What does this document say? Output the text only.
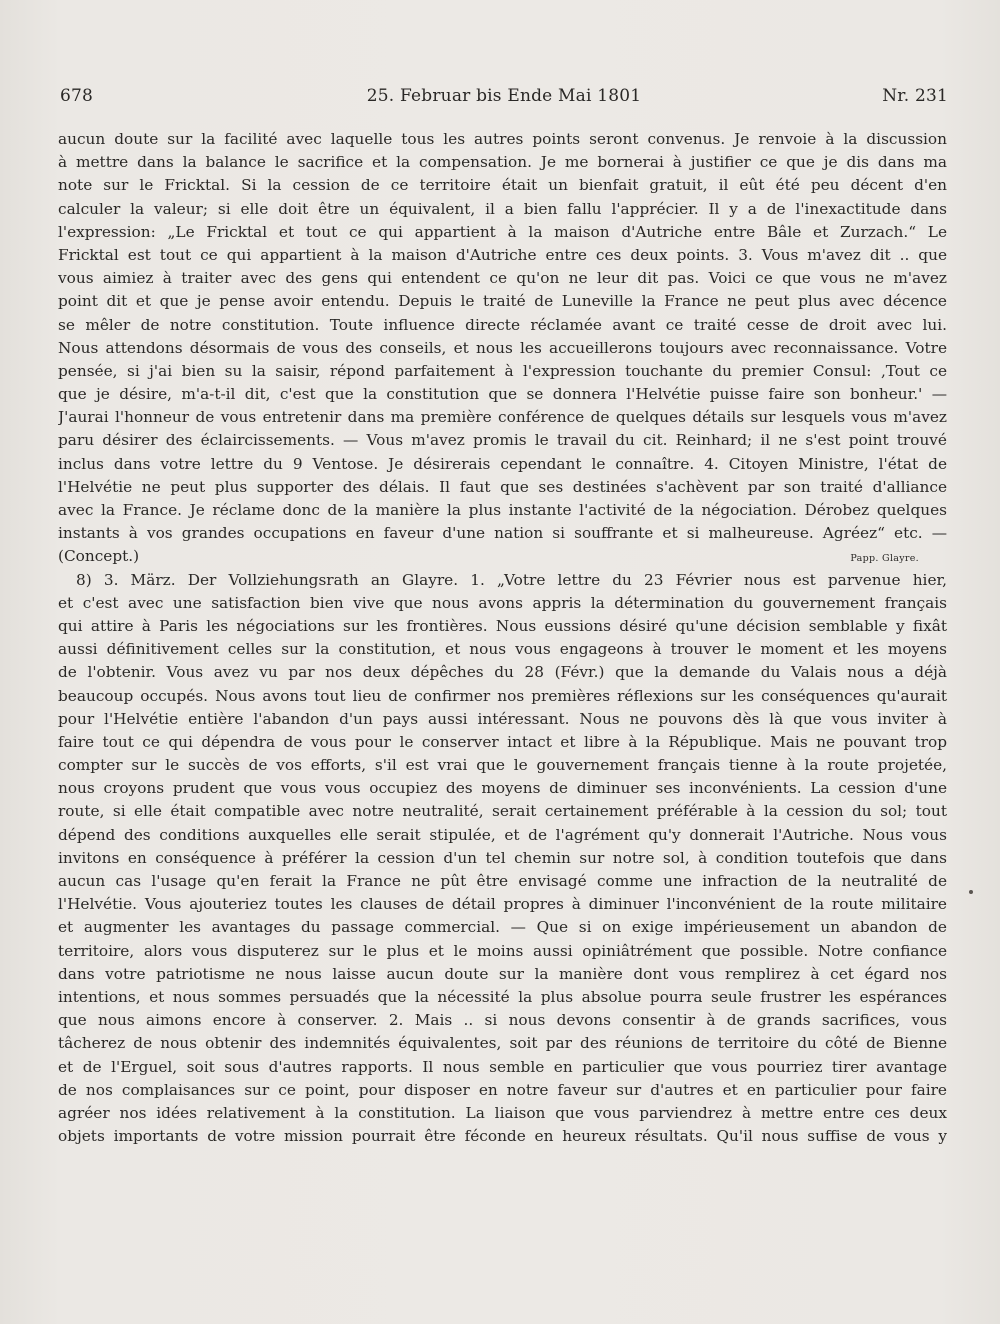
678	25. Februar bis Ende Mai 1801	Nr. 231
aucun doute sur la facilité avec laquelle tous les autres points seront convenus. Je renvoie à la discussion
à mettre dans la balance le sacrifice et la compensation. Je me bornerai à justifier ce que je dis dans ma
note sur le Fricktal. Si la cession de ce territoire était un bienfait gratuit, il eût été peu décent d'en
calculer la valeur; si elle doit être un équivalent, il a bien fallu l'apprécier. Il y a de l'inexactitude dans
l'expression: „Le Fricktal et tout ce qui appartient à la maison d'Autriche entre Bâle et Zurzach.“ Le
Fricktal est tout ce qui appartient à la maison d'Autriche entre ces deux points. 3. Vous m'avez dit .. que
vous aimiez à traiter avec des gens qui entendent ce qu'on ne leur dit pas. Voici ce que vous ne m'avez
point dit et que je pense avoir entendu. Depuis le traité de Luneville la France ne peut plus avec décence
se mêler de notre constitution. Toute influence directe réclamée avant ce traité cesse de droit avec lui.
Nous attendons désormais de vous des conseils, et nous les accueillerons toujours avec reconnaissance. Votre
pensée, si j'ai bien su la saisir, répond parfaitement à l'expression touchante du premier Consul: ‚Tout ce
que je désire, m'a-t-il dit, c'est que la constitution que se donnera l'Helvétie puisse faire son bonheur.' —
J'aurai l'honneur de vous entretenir dans ma première conférence de quelques détails sur lesquels vous m'avez
paru désirer des éclaircissements. — Vous m'avez promis le travail du cit. Reinhard; il ne s'est point trouvé
inclus dans votre lettre du 9 Ventose. Je désirerais cependant le connaître. 4. Citoyen Ministre, l'état de
l'Helvétie ne peut plus supporter des délais. Il faut que ses destinées s'achèvent par son traité d'alliance
avec la France. Je réclame donc de la manière la plus instante l'activité de la négociation. Dérobez quelques
instants à vos grandes occupations en faveur d'une nation si souffrante et si malheureuse. Agréez“ etc. —
(Concept.)	Papp. Glayre.
8) 3. März. Der Vollziehungsrath an Glayre. 1. „Votre lettre du 23 Février nous est parvenue hier,
et c'est avec une satisfaction bien vive que nous avons appris la détermination du gouvernement français
qui attire à Paris les négociations sur les frontières. Nous eussions désiré qu'une décision semblable y fixât
aussi définitivement celles sur la constitution, et nous vous engageons à trouver le moment et les moyens
de l'obtenir. Vous avez vu par nos deux dépêches du 28 (Févr.) que la demande du Valais nous a déjà
beaucoup occupés. Nous avons tout lieu de confirmer nos premières réflexions sur les conséquences qu'aurait
pour l'Helvétie entière l'abandon d'un pays aussi intéressant. Nous ne pouvons dès là que vous inviter à
faire tout ce qui dépendra de vous pour le conserver intact et libre à la République. Mais ne pouvant trop
compter sur le succès de vos efforts, s'il est vrai que le gouvernement français tienne à la route projetée,
nous croyons prudent que vous vous occupiez des moyens de diminuer ses inconvénients. La cession d'une
route, si elle était compatible avec notre neutralité, serait certainement préférable à la cession du sol; tout
dépend des conditions auxquelles elle serait stipulée, et de l'agrément qu'y donnerait l'Autriche. Nous vous
invitons en conséquence à préférer la cession d'un tel chemin sur notre sol, à condition toutefois que dans
aucun cas l'usage qu'en ferait la France ne pût être envisagé comme une infraction de la neutralité de
l'Helvétie. Vous ajouteriez toutes les clauses de détail propres à diminuer l'inconvénient de la route militaire
et augmenter les avantages du passage commercial. — Que si on exige impérieusement un abandon de
territoire, alors vous disputerez sur le plus et le moins aussi opiniâtrément que possible. Notre confiance
dans votre patriotisme ne nous laisse aucun doute sur la manière dont vous remplirez à cet égard nos
intentions, et nous sommes persuadés que la nécessité la plus absolue pourra seule frustrer les espérances
que nous aimons encore à conserver. 2. Mais .. si nous devons consentir à de grands sacrifices, vous
tâcherez de nous obtenir des indemnités équivalentes, soit par des réunions de territoire du côté de Bienne
et de l'Erguel, soit sous d'autres rapports. Il nous semble en particulier que vous pourriez tirer avantage
de nos complaisances sur ce point, pour disposer en notre faveur sur d'autres et en particulier pour faire
agréer nos idées relativement à la constitution. La liaison que vous parviendrez à mettre entre ces deux
objets importants de votre mission pourrait être féconde en heureux résultats. Qu'il nous suffise de vous y
